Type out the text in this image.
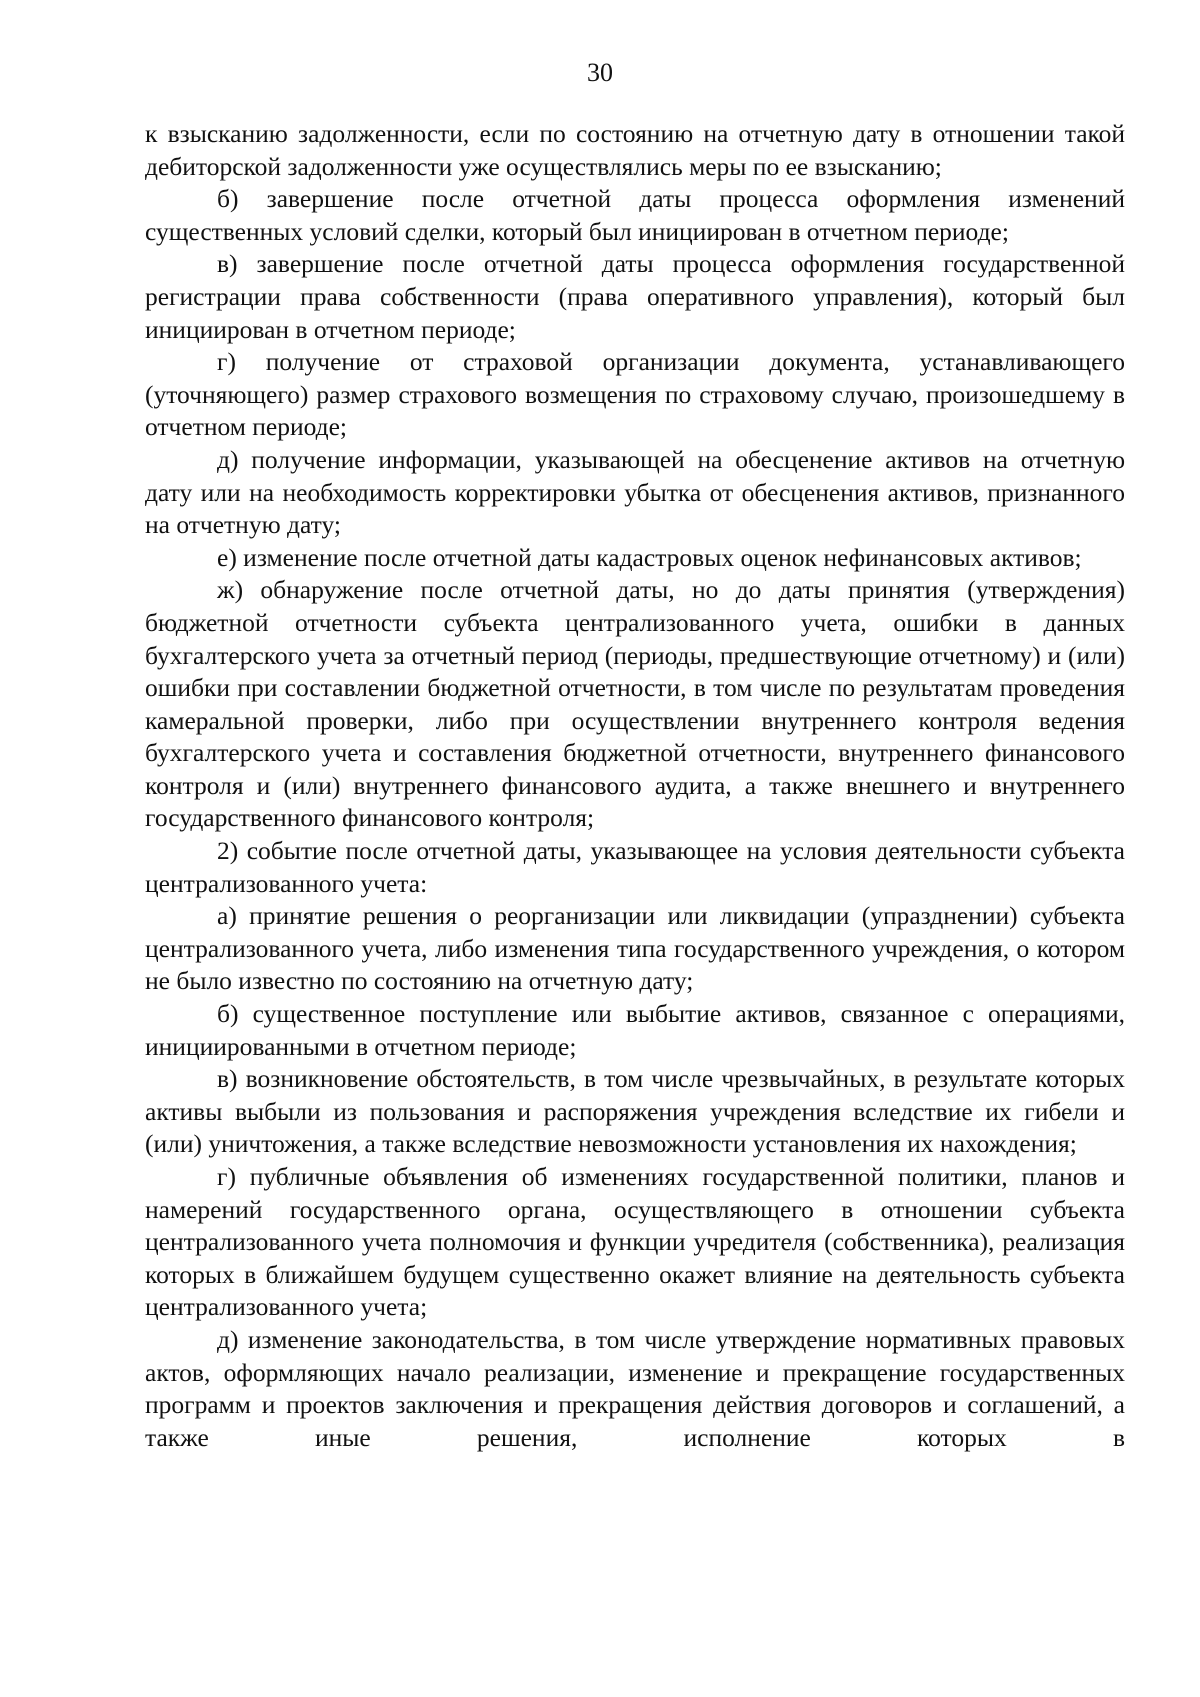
30

к взысканию задолженности, если по состоянию на отчетную дату в отношении такой дебиторской задолженности уже осуществлялись меры по ее взысканию;

б) завершение после отчетной даты процесса оформления изменений существенных условий сделки, который был инициирован в отчетном периоде;

в) завершение после отчетной даты процесса оформления государственной регистрации права собственности (права оперативного управления), который был инициирован в отчетном периоде;

г) получение от страховой организации документа, устанавливающего (уточняющего) размер страхового возмещения по страховому случаю, произошедшему в отчетном периоде;

д) получение информации, указывающей на обесценение активов на отчетную дату или на необходимость корректировки убытка от обесценения активов, признанного на отчетную дату;

е) изменение после отчетной даты кадастровых оценок нефинансовых активов;

ж) обнаружение после отчетной даты, но до даты принятия (утверждения) бюджетной отчетности субъекта централизованного учета, ошибки в данных бухгалтерского учета за отчетный период (периоды, предшествующие отчетному) и (или) ошибки при составлении бюджетной отчетности, в том числе по результатам проведения камеральной проверки, либо при осуществлении внутреннего контроля ведения бухгалтерского учета и составления бюджетной отчетности, внутреннего финансового контроля и (или) внутреннего финансового аудита, а также внешнего и внутреннего государственного финансового контроля;

2) событие после отчетной даты, указывающее на условия деятельности субъекта централизованного учета:

а) принятие решения о реорганизации или ликвидации (упразднении) субъекта централизованного учета, либо изменения типа государственного учреждения, о котором не было известно по состоянию на отчетную дату;

б) существенное поступление или выбытие активов, связанное с операциями, инициированными в отчетном периоде;

в) возникновение обстоятельств, в том числе чрезвычайных, в результате которых активы выбыли из пользования и распоряжения учреждения вследствие их гибели и (или) уничтожения, а также вследствие невозможности установления их нахождения;

г) публичные объявления об изменениях государственной политики, планов и намерений государственного органа, осуществляющего в отношении субъекта централизованного учета полномочия и функции учредителя (собственника), реализация которых в ближайшем будущем существенно окажет влияние на деятельность субъекта централизованного учета;

д) изменение законодательства, в том числе утверждение нормативных правовых актов, оформляющих начало реализации, изменение и прекращение государственных программ и проектов заключения и прекращения действия договоров и соглашений, а также иные решения, исполнение которых в
